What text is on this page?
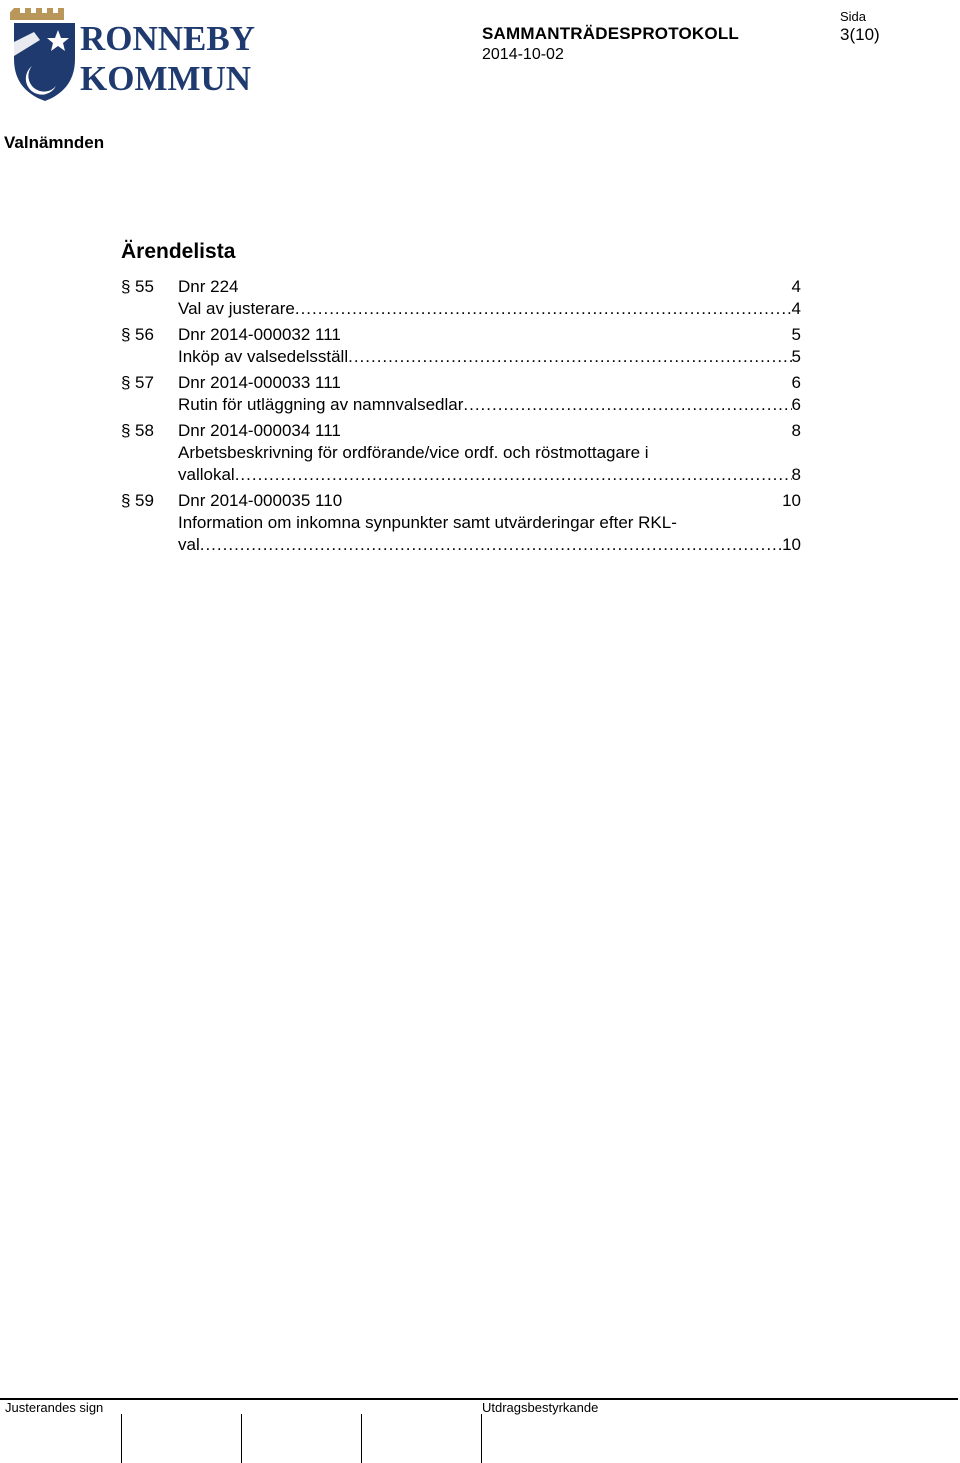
RONNEBY
KOMMUN
SAMMANTRÄDESPROTOKOLL
2014-10-02
Sida
3(10)
Valnämnden
Ärendelista
§ 55	Dnr 224	4
Val av justerare .....	4
§ 56	Dnr 2014-000032 111	5
Inköp av valsedelsställ .....	5
§ 57	Dnr 2014-000033 111	6
Rutin för utläggning av namnvalsedlar .....	6
§ 58	Dnr 2014-000034 111	8
Arbetsbeskrivning för ordförande/vice ordf. och röstmottagare i
vallokal .....	8
§ 59	Dnr 2014-000035 110	10
Information om inkomna synpunkter samt utvärderingar efter RKL-
val .....	10
Justerandes sign	Utdragsbestyrkande
